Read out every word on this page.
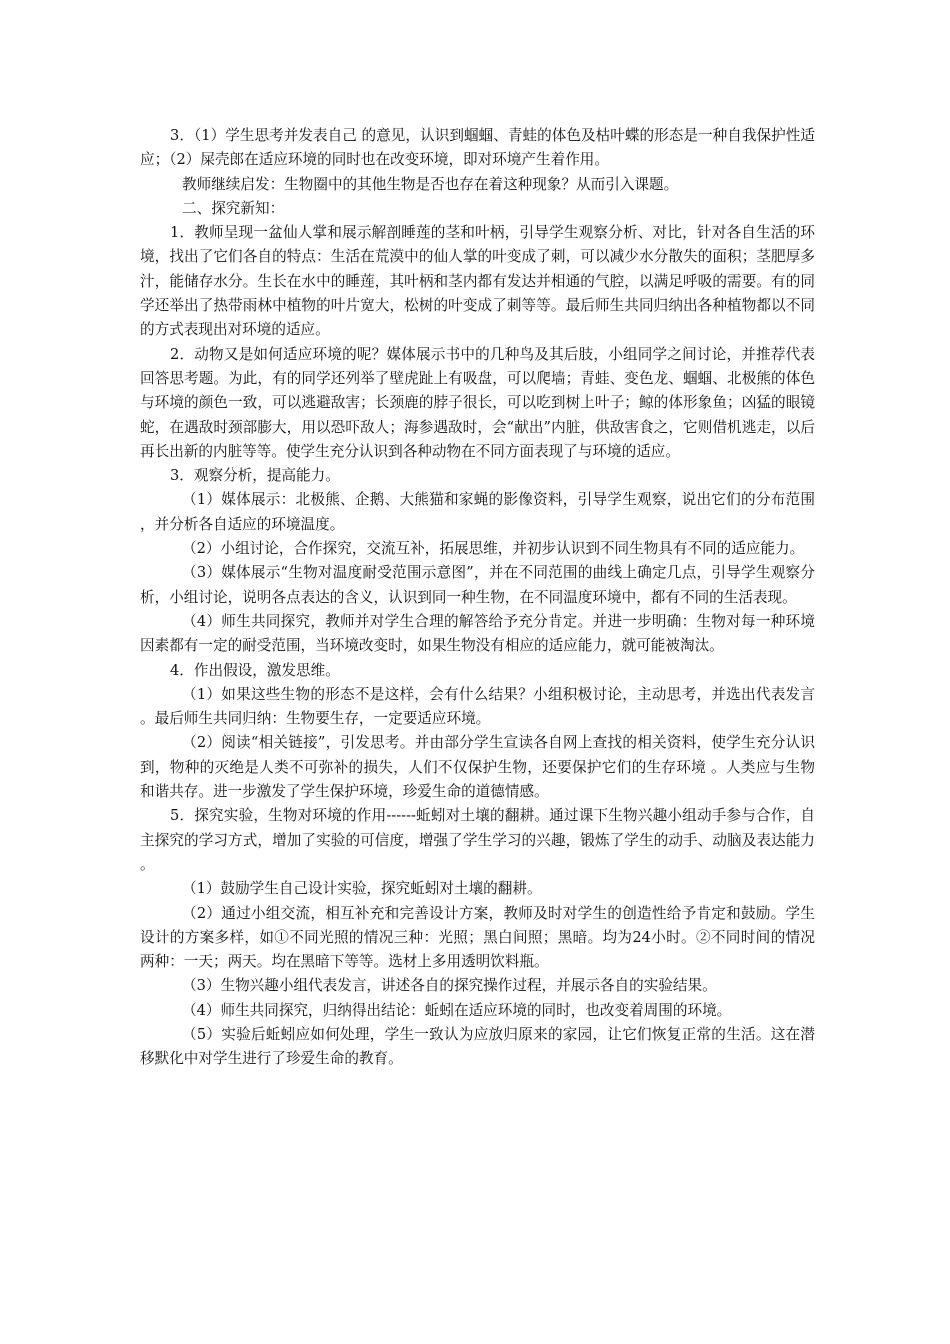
3．（1）学生思考并发表自己 的意见，认识到蝈蝈、青蛙的体色及枯叶蝶的形态是一种自我保护性适应；（2）屎壳郎在适应环境的同时也在改变环境，即对环境产生着作用。

教师继续启发：生物圈中的其他生物是否也存在着这种现象？从而引入课题。

二、探究新知：

1．教师呈现一盆仙人掌和展示解剖睡莲的茎和叶柄，引导学生观察分析、对比，针对各自生活的环境，找出了它们各自的特点：生活在荒漠中的仙人掌的叶变成了刺，可以减少水分散失的面积；茎肥厚多汁，能储存水分。生长在水中的睡莲，其叶柄和茎内都有发达并相通的气腔，以满足呼吸的需要。有的同学还举出了热带雨林中植物的叶片宽大，松树的叶变成了刺等等。最后师生共同归纳出各种植物都以不同的方式表现出对环境的适应。

2．动物又是如何适应环境的呢？媒体展示书中的几种鸟及其后肢，小组同学之间讨论，并推荐代表回答思考题。为此，有的同学还列举了壁虎趾上有吸盘，可以爬墙；青蛙、变色龙、蝈蝈、北极熊的体色与环境的颜色一致，可以逃避敌害；长颈鹿的脖子很长，可以吃到树上叶子；鲸的体形象鱼；凶猛的眼镜蛇，在遇敌时颈部膨大，用以恐吓敌人；海参遇敌时，会“献出”内脏，供敌害食之，它则借机逃走，以后再长出新的内脏等等。使学生充分认识到各种动物在不同方面表现了与环境的适应。

3．观察分析，提高能力。

（1）媒体展示：北极熊、企鹅、大熊猫和家蝇的影像资料，引导学生观察，说出它们的分布范围，并分析各自适应的环境温度。

（2）小组讨论，合作探究，交流互补，拓展思维，并初步认识到不同生物具有不同的适应能力。

（3）媒体展示“生物对温度耐受范围示意图”，并在不同范围的曲线上确定几点，引导学生观察分析，小组讨论，说明各点表达的含义，认识到同一种生物，在不同温度环境中，都有不同的生活表现。

（4）师生共同探究，教师并对学生合理的解答给予充分肯定。并进一步明确：生物对每一种环境因素都有一定的耐受范围，当环境改变时，如果生物没有相应的适应能力，就可能被淘汰。

4．作出假设，激发思维。

（1）如果这些生物的形态不是这样，会有什么结果？小组积极讨论，主动思考，并选出代表发言。最后师生共同归纳：生物要生存，一定要适应环境。

（2）阅读“相关链接”，引发思考。并由部分学生宣读各自网上查找的相关资料，使学生充分认识到，物种的灭绝是人类不可弥补的损失，人们不仅保护生物，还要保护它们的生存环境 。人类应与生物和谐共存。进一步激发了学生保护环境，珍爱生命的道德情感。

5．探究实验，生物对环境的作用------蚯蚓对土壤的翻耕。通过课下生物兴趣小组动手参与合作，自主探究的学习方式，增加了实验的可信度，增强了学生学习的兴趣，锻炼了学生的动手、动脑及表达能力。

（1）鼓励学生自己设计实验，探究蚯蚓对土壤的翻耕。

（2）通过小组交流，相互补充和完善设计方案，教师及时对学生的创造性给予肯定和鼓励。学生设计的方案多样，如①不同光照的情况三种：光照；黑白间照；黑暗。均为24小时。②不同时间的情况两种：一天；两天。均在黑暗下等等。选材上多用透明饮料瓶。

（3）生物兴趣小组代表发言，讲述各自的探究操作过程，并展示各自的实验结果。

（4）师生共同探究，归纳得出结论：蚯蚓在适应环境的同时，也改变着周围的环境。

（5）实验后蚯蚓应如何处理，学生一致认为应放归原来的家园，让它们恢复正常的生活。这在潜移默化中对学生进行了珍爱生命的教育。
